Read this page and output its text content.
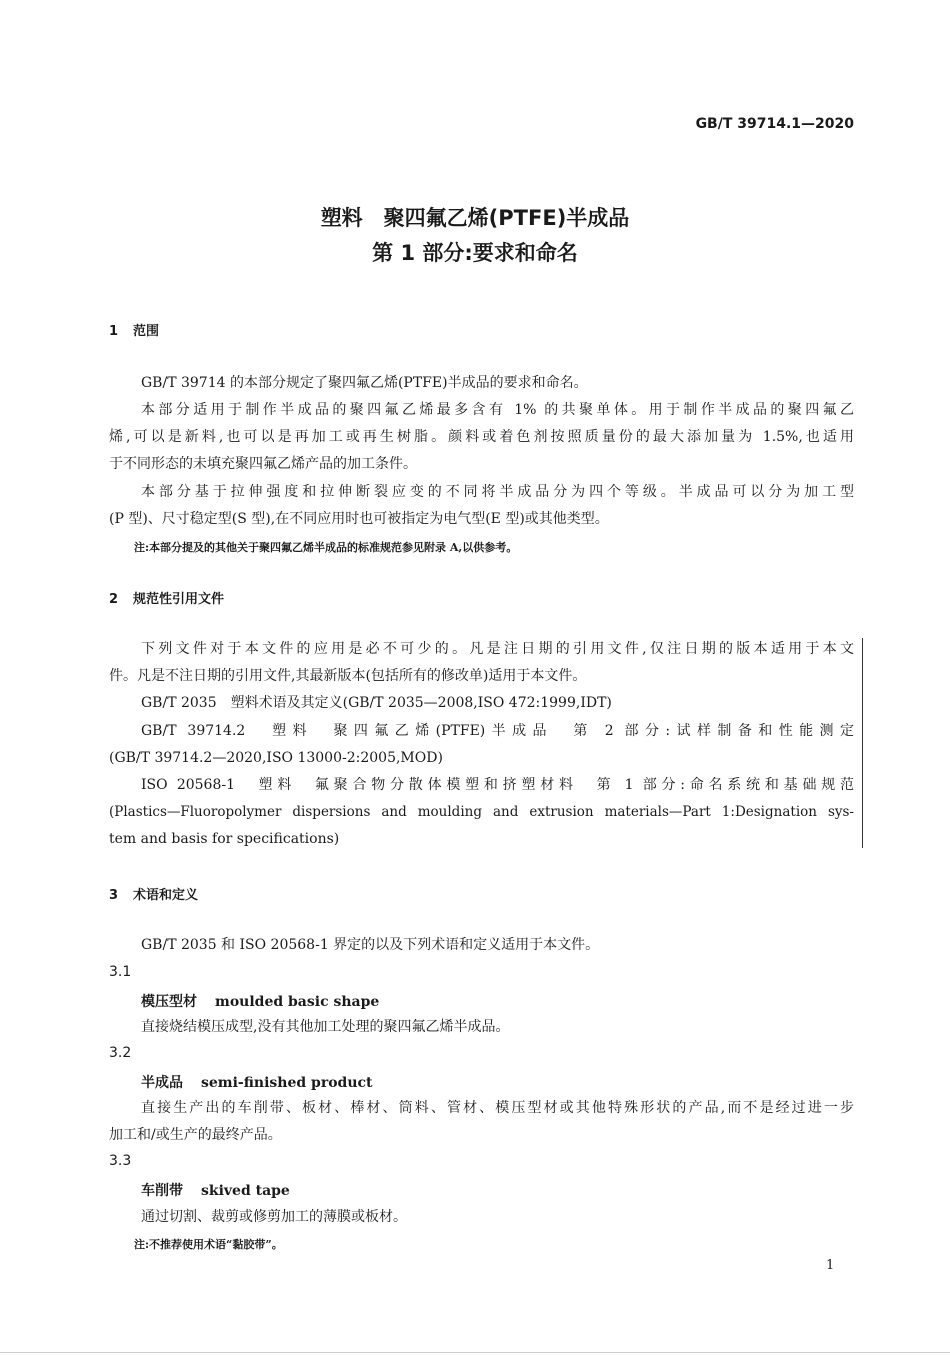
GB/T 39714.1—2020
塑料　聚四氟乙烯(PTFE)半成品
第 1 部分:要求和命名
1 范围
GB/T 39714 的本部分规定了聚四氟乙烯(PTFE)半成品的要求和命名。
本部分适用于制作半成品的聚四氟乙烯最多含有 1% 的共聚单体。用于制作半成品的聚四氟乙
烯,可以是新料,也可以是再加工或再生树脂。颜料或着色剂按照质量份的最大添加量为 1.5%,也适用
于不同形态的未填充聚四氟乙烯产品的加工条件。
本部分基于拉伸强度和拉伸断裂应变的不同将半成品分为四个等级。半成品可以分为加工型
(P 型)、尺寸稳定型(S 型),在不同应用时也可被指定为电气型(E 型)或其他类型。
注:本部分提及的其他关于聚四氟乙烯半成品的标准规范参见附录 A,以供参考。
2 规范性引用文件
下列文件对于本文件的应用是必不可少的。凡是注日期的引用文件,仅注日期的版本适用于本文
件。凡是不注日期的引用文件,其最新版本(包括所有的修改单)适用于本文件。
GB/T 2035　塑料术语及其定义(GB/T 2035—2008,ISO 472:1999,IDT)
GB/T 39714.2　塑料　聚四氟乙烯(PTFE)半成品　第 2 部分:试样制备和性能测定
(GB/T 39714.2—2020,ISO 13000-2:2005,MOD)
ISO 20568-1　塑料　氟聚合物分散体模塑和挤塑材料　第 1 部分:命名系统和基础规范
(Plastics—Fluoropolymer dispersions and moulding and extrusion materials—Part 1:Designation sys-
tem and basis for specifications)
3 术语和定义
GB/T 2035 和 ISO 20568-1 界定的以及下列术语和定义适用于本文件。
3.1
模压型材 moulded basic shape
直接烧结模压成型,没有其他加工处理的聚四氟乙烯半成品。
3.2
半成品 semi-finished product
直接生产出的车削带、板材、棒材、筒料、管材、模压型材或其他特殊形状的产品,而不是经过进一步
加工和/或生产的最终产品。
3.3
车削带 skived tape
通过切割、裁剪或修剪加工的薄膜或板材。
注:不推荐使用术语“黏胶带”。
1
